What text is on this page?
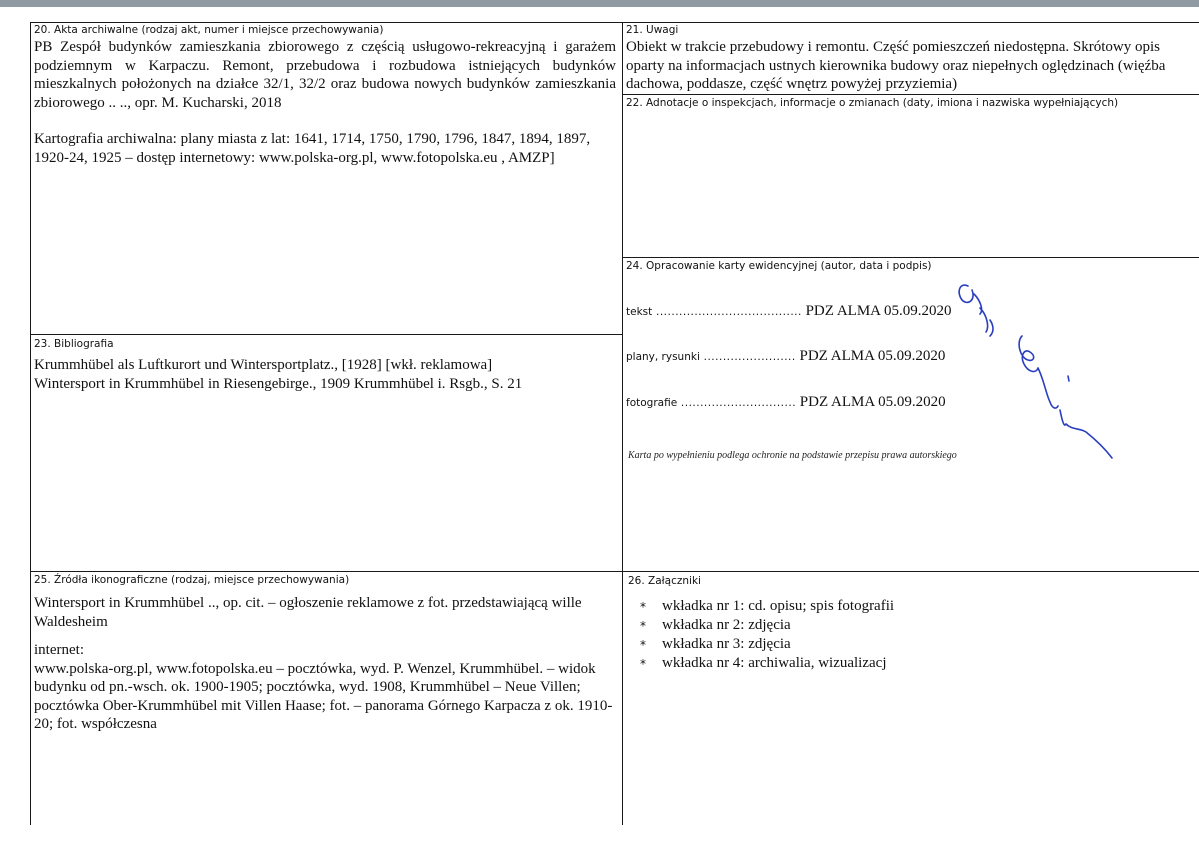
20. Akta archiwalne (rodzaj akt, numer i miejsce przechowywania)

PB Zespół budynków zamieszkania zbiorowego z częścią usługowo-rekreacyjną i garażem podziemnym w Karpaczu. Remont, przebudowa i rozbudowa istniejących budynków mieszkalnych położonych na działce 32/1, 32/2 oraz budowa nowych budynków zamieszkania zbiorowego .. .., opr. M. Kucharski, 2018

Kartografia archiwalna: plany miasta z lat: 1641, 1714, 1750, 1790, 1796, 1847, 1894, 1897, 1920-24, 1925 – dostęp internetowy: www.polska-org.pl, www.fotopolska.eu , AMZP]

21. Uwagi
Obiekt w trakcie przebudowy i remontu. Część pomieszczeń niedostępna. Skrótowy opis oparty na informacjach ustnych kierownika budowy oraz niepełnych oględzinach (więźba dachowa, poddasze, część wnętrz powyżej przyziemia)
22. Adnotacje o inspekcjach, informacje o zmianach (daty, imiona i nazwiska wypełniających)
23. Bibliografia

Krummhübel als Luftkurort und Wintersportplatz., [1928] [wkł. reklamowa]

Wintersport in Krummhübel in Riesengebirge., 1909 Krummhübel i. Rsgb., S. 21

24. Opracowanie karty ewidencyjnej (autor, data i podpis)
tekst ...................................... PDZ ALMA 05.09.2020
plany, rysunki ........................ PDZ ALMA 05.09.2020
fotografie .............................. PDZ ALMA 05.09.2020
Karta po wypełnieniu podlega ochronie na podstawie przepisu prawa autorskiego
25. Źródła ikonograficzne (rodzaj, miejsce przechowywania)

Wintersport in Krummhübel .., op. cit. – ogłoszenie reklamowe z fot. przedstawiającą wille Waldesheim

internet:

www.polska-org.pl, www.fotopolska.eu – pocztówka, wyd. P. Wenzel, Krummhübel. – widok budynku od pn.-wsch. ok. 1900-1905; pocztówka, wyd. 1908, Krummhübel – Neue Villen; pocztówka Ober-Krummhübel mit Villen Haase; fot. – panorama Górnego Karpacza z ok. 1910-20; fot. współczesna

26. Załączniki
* wkładka nr 1: cd. opisu; spis fotografii
* wkładka nr 2: zdjęcia
* wkładka nr 3: zdjęcia
* wkładka nr 4: archiwalia, wizualizacj
